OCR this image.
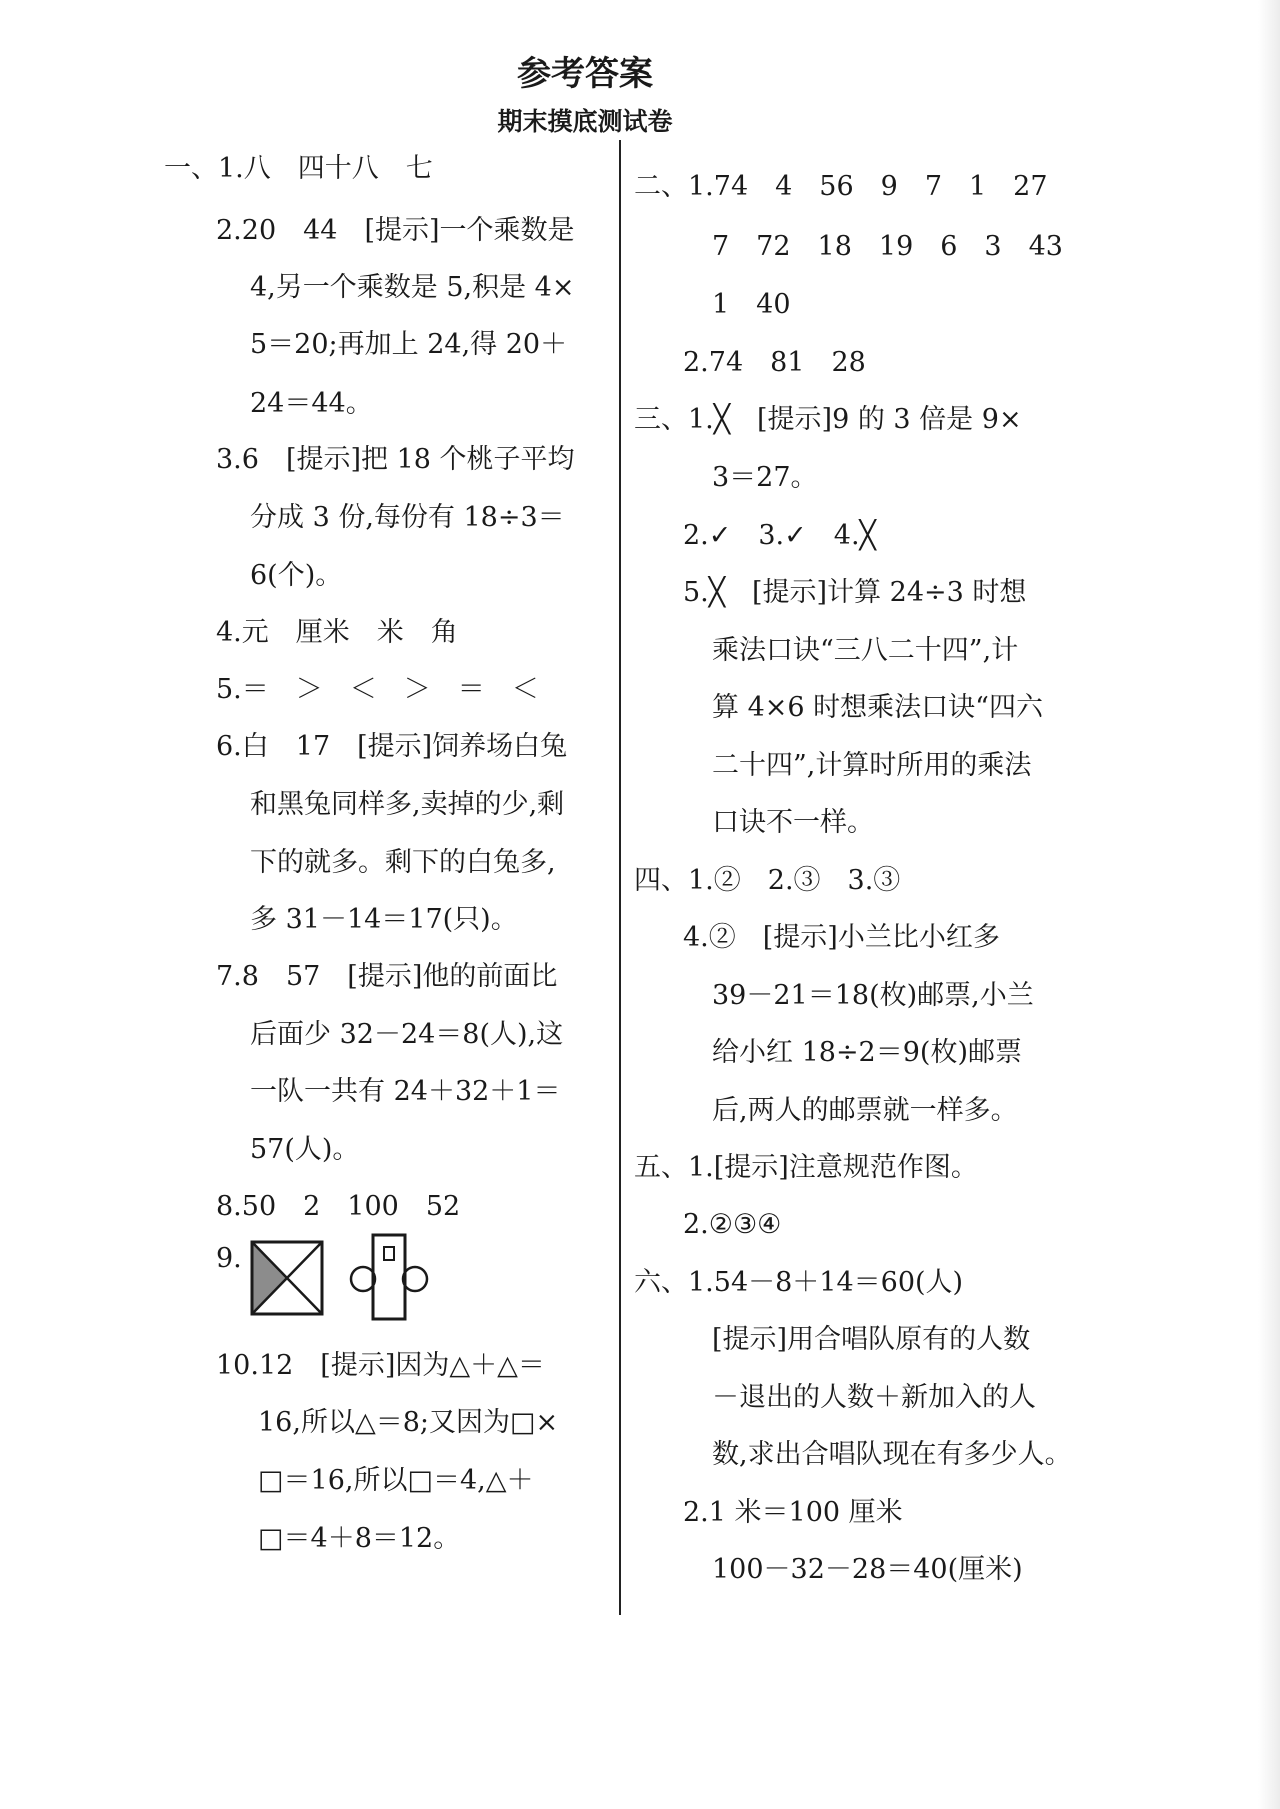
参考答案
期末摸底测试卷
一、1.八　四十八　七
2.20　44　[提示]一个乘数是
4,另一个乘数是 5,积是 4×
5＝20;再加上 24,得 20＋
24＝44。
3.6　[提示]把 18 个桃子平均
分成 3 份,每份有 18÷3＝
6(个)。
4.元　厘米　米　角
5.＝　＞　＜　＞　＝　＜
6.白　17　[提示]饲养场白兔
和黑兔同样多,卖掉的少,剩
下的就多。剩下的白兔多,
多 31－14＝17(只)。
7.8　57　[提示]他的前面比
后面少 32－24＝8(人),这
一队一共有 24＋32＋1＝
57(人)。
8.50　2　100　52
9.
10.12　[提示]因为△＋△＝
16,所以△＝8;又因为□×
□＝16,所以□＝4,△＋
□＝4＋8＝12。
二、1.74　4　56　9　7　1　27
7　72　18　19　6　3　43
1　40
2.74　81　28
三、1.╳　[提示]9 的 3 倍是 9×
3＝27。
2.✓　3.✓　4.╳
5.╳　[提示]计算 24÷3 时想
乘法口诀“三八二十四”,计
算 4×6 时想乘法口诀“四六
二十四”,计算时所用的乘法
口诀不一样。
四、1.②　2.③　3.③
4.②　[提示]小兰比小红多
39－21＝18(枚)邮票,小兰
给小红 18÷2＝9(枚)邮票
后,两人的邮票就一样多。
五、1.[提示]注意规范作图。
2.②③④
六、1.54－8＋14＝60(人)
[提示]用合唱队原有的人数
－退出的人数＋新加入的人
数,求出合唱队现在有多少人。
2.1 米＝100 厘米
100－32－28＝40(厘米)
